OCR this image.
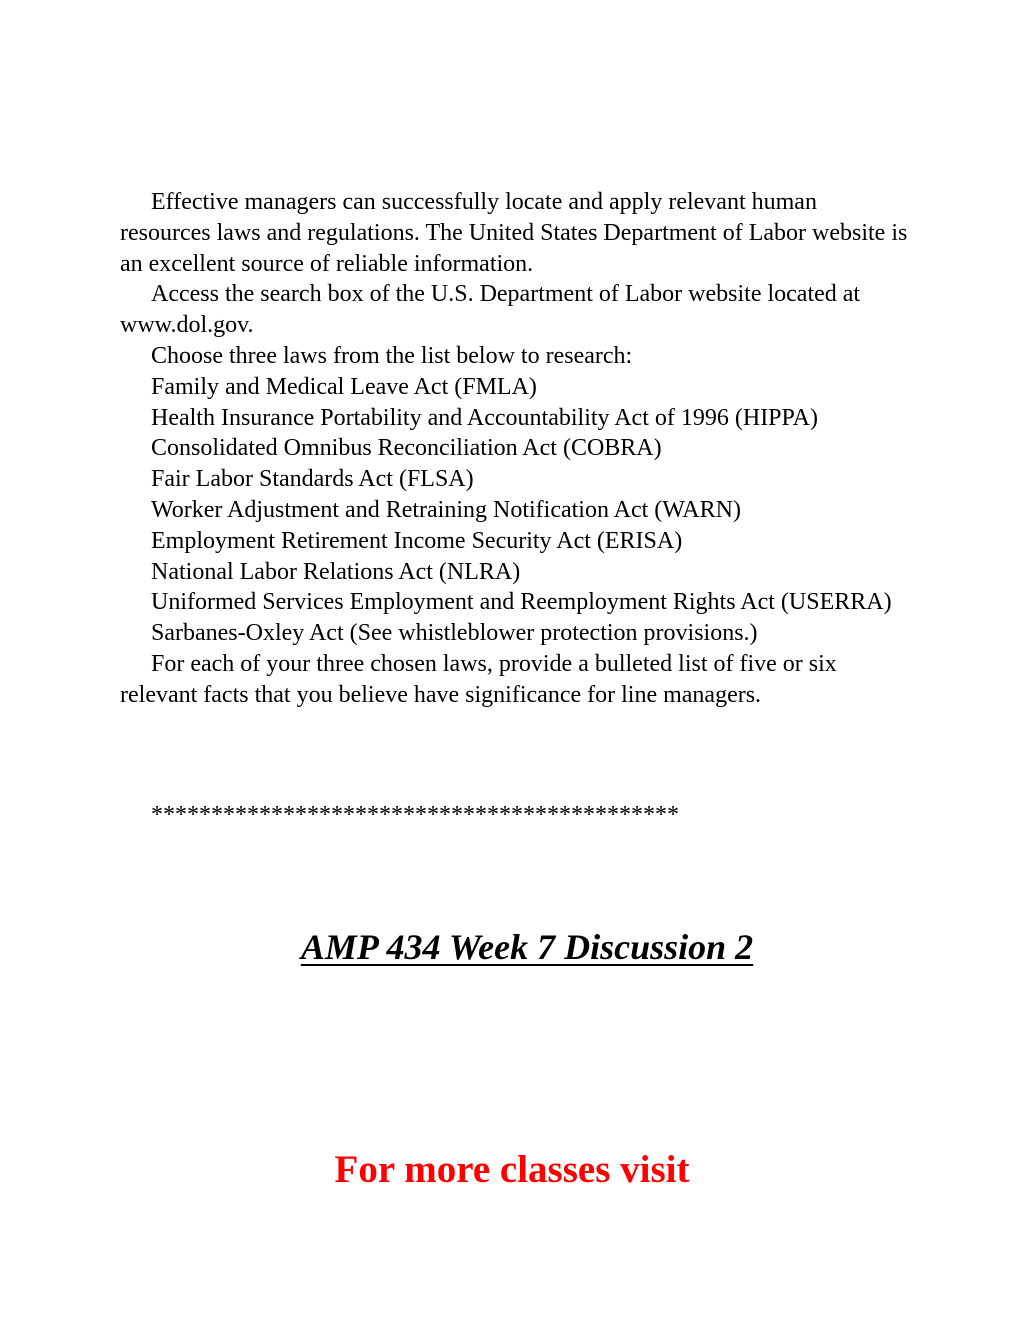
Effective managers can successfully locate and apply relevant human resources laws and regulations. The United States Department of Labor website is an excellent source of reliable information.

Access the search box of the U.S. Department of Labor website located at www.dol.gov.

Choose three laws from the list below to research:

Family and Medical Leave Act (FMLA)

Health Insurance Portability and Accountability Act of 1996 (HIPPA)

Consolidated Omnibus Reconciliation Act (COBRA)

Fair Labor Standards Act (FLSA)

Worker Adjustment and Retraining Notification Act (WARN)

Employment Retirement Income Security Act (ERISA)

National Labor Relations Act (NLRA)

Uniformed Services Employment and Reemployment Rights Act (USERRA)

Sarbanes-Oxley Act (See whistleblower protection provisions.)

For each of your three chosen laws, provide a bulleted list of five or six relevant facts that you believe have significance for line managers.

********************************************
AMP 434 Week 7 Discussion 2
For more classes visit
